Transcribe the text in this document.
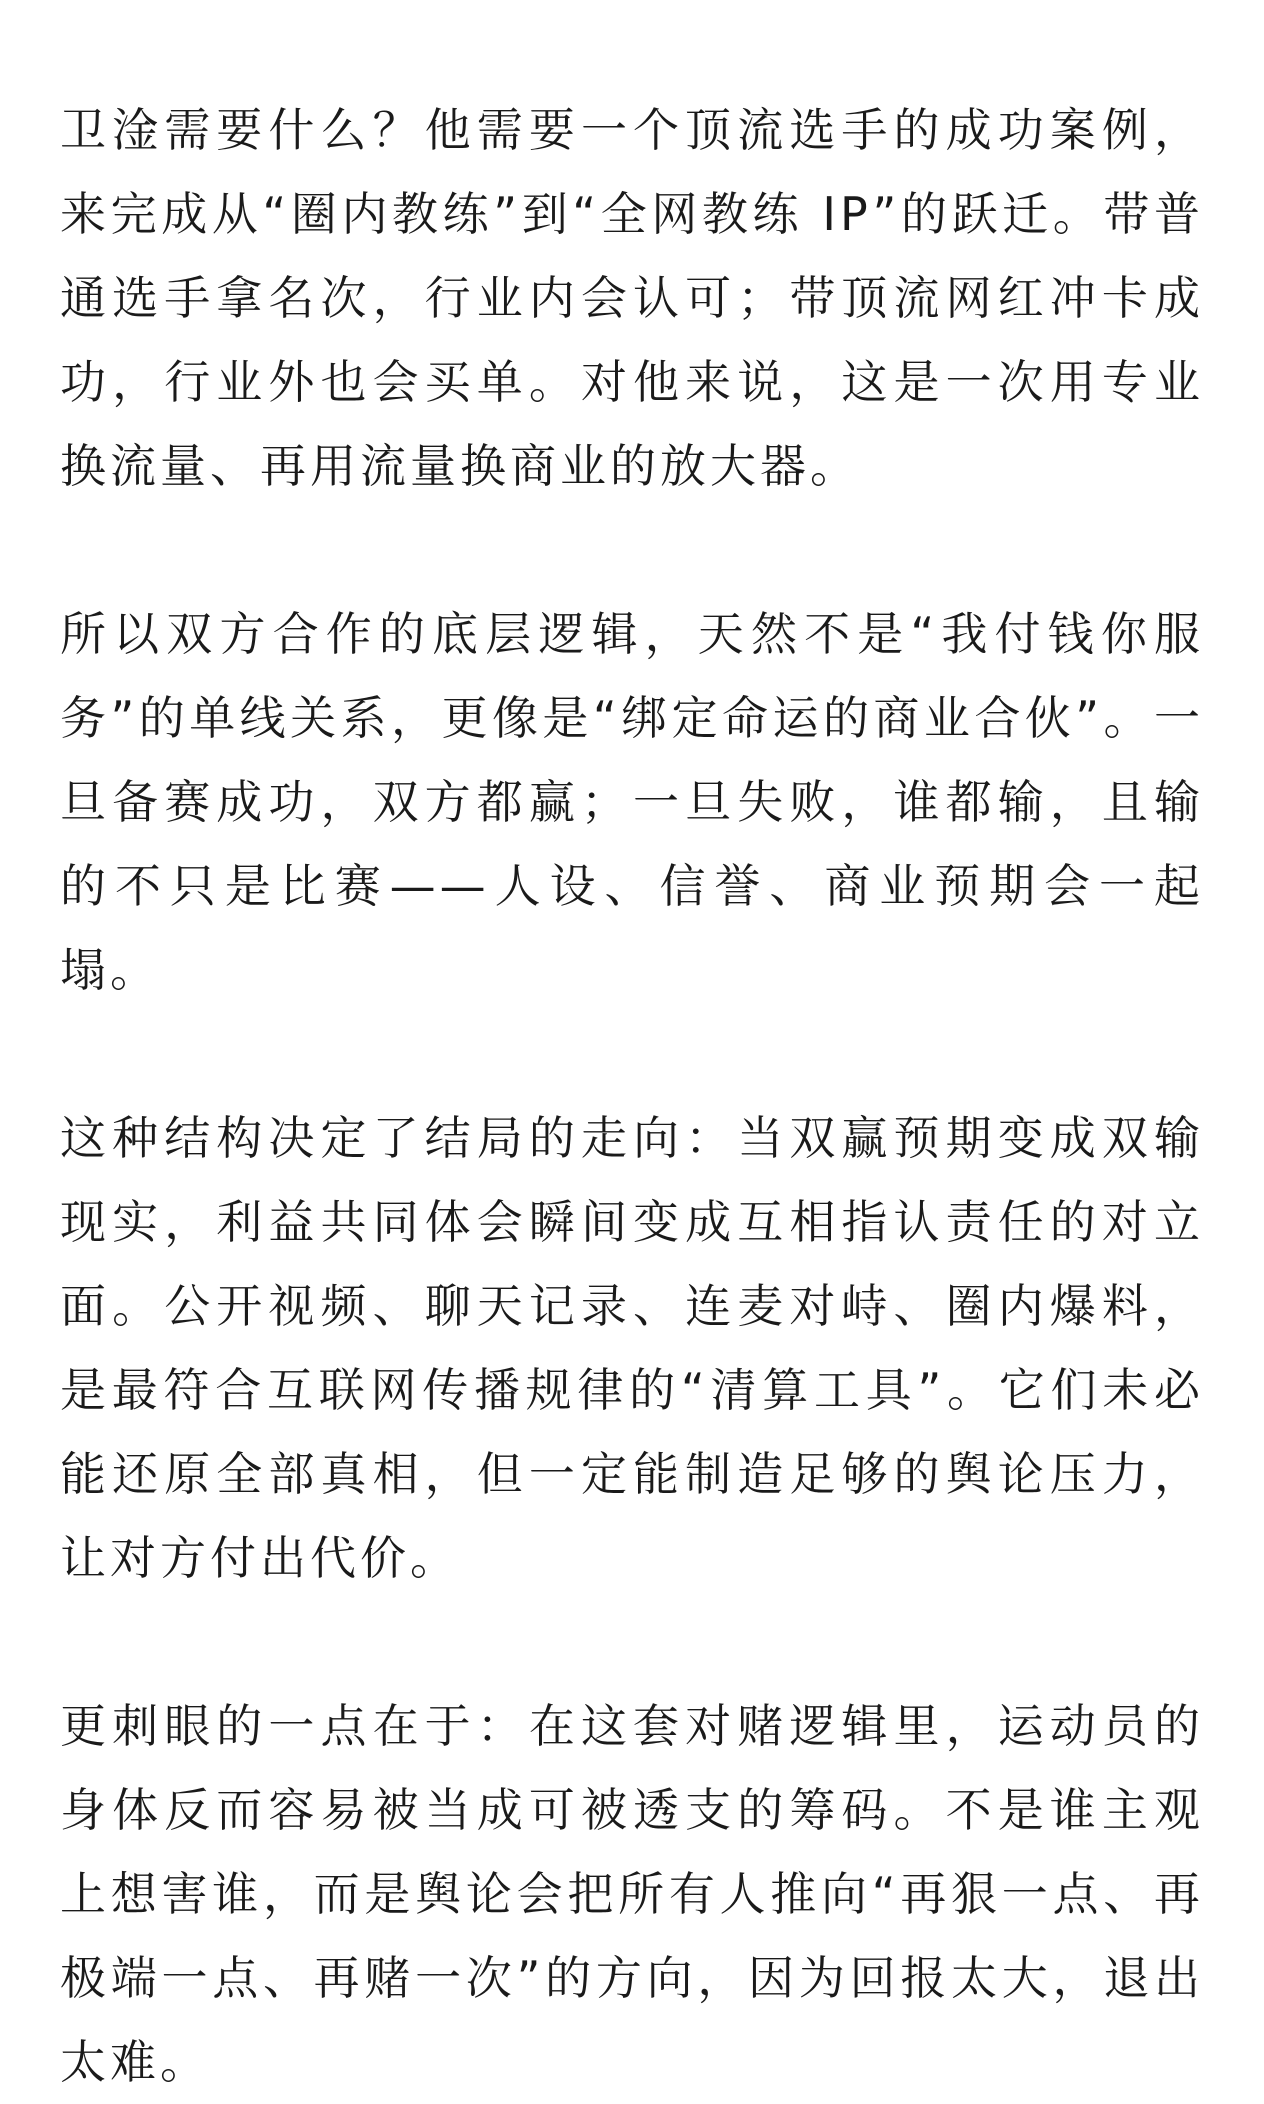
卫淦需要什么？他需要一个顶流选手的成功案例，来完成从“圈内教练”到“全网教练 IP”的跃迁。带普通选手拿名次，行业内会认可；带顶流网红冲卡成功，行业外也会买单。对他来说，这是一次用专业换流量、再用流量换商业的放大器。

所以双方合作的底层逻辑，天然不是“我付钱你服务”的单线关系，更像是“绑定命运的商业合伙”。一旦备赛成功，双方都赢；一旦失败，谁都输，且输的不只是比赛——人设、信誉、商业预期会一起塌。

这种结构决定了结局的走向：当双赢预期变成双输现实，利益共同体会瞬间变成互相指认责任的对立面。公开视频、聊天记录、连麦对峙、圈内爆料，是最符合互联网传播规律的“清算工具”。它们未必能还原全部真相，但一定能制造足够的舆论压力，让对方付出代价。

更刺眼的一点在于：在这套对赌逻辑里，运动员的身体反而容易被当成可被透支的筹码。不是谁主观上想害谁，而是舆论会把所有人推向“再狠一点、再极端一点、再赌一次”的方向，因为回报太大，退出太难。
